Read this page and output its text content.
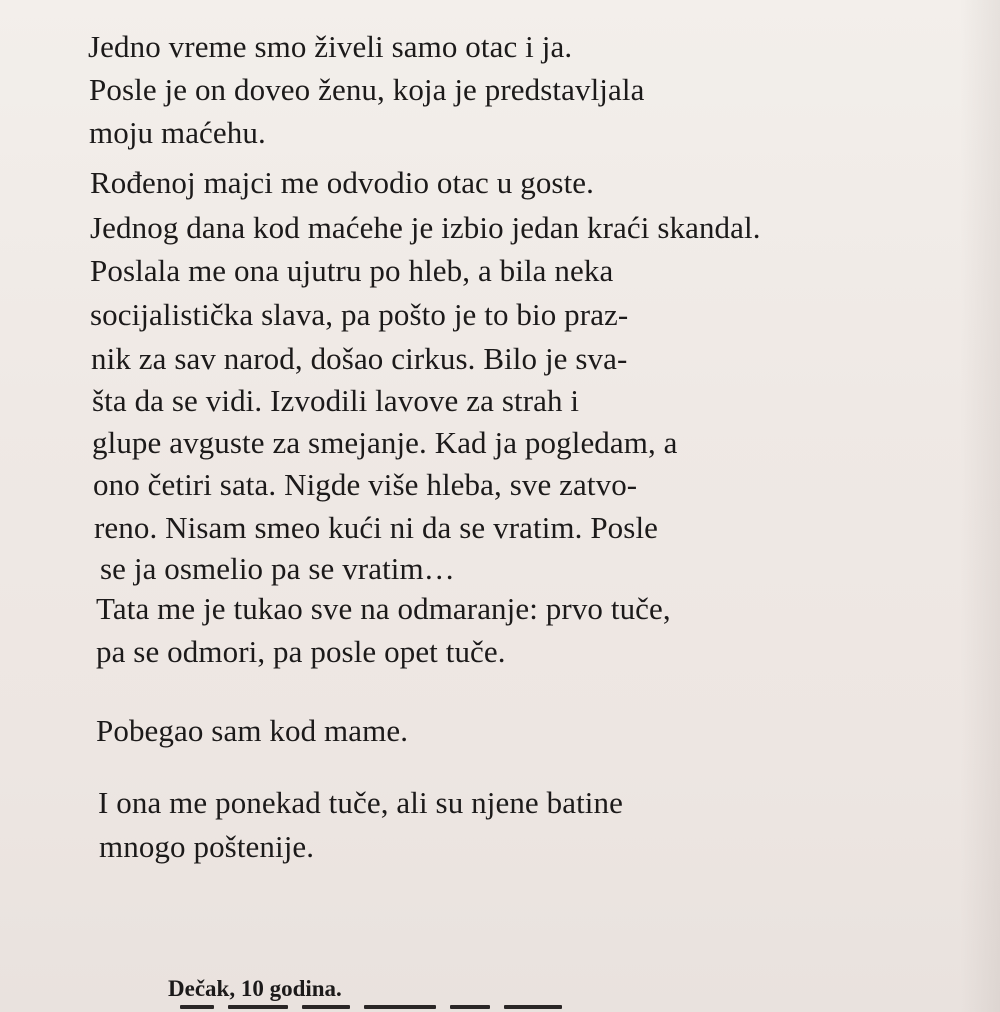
Jedno vreme smo živeli samo otac i ja.
Posle je on doveo ženu, koja je predstavljala
moju maćehu.
Rođenoj majci me odvodio otac u goste.
Jednog dana kod maćehe je izbio jedan kraći skandal.
Poslala me ona ujutru po hleb, a bila neka
socijalistička slava, pa pošto je to bio praz-
nik za sav narod, došao cirkus. Bilo je sva-
šta da se vidi. Izvodili lavove za strah i
glupe avguste za smejanje. Kad ja pogledam, a
ono četiri sata. Nigde više hleba, sve zatvo-
reno. Nisam smeo kući ni da se vratim. Posle
se ja osmelio pa se vratim…
Tata me je tukao sve na odmaranje: prvo tuče,
pa se odmori, pa posle opet tuče.
Pobegao sam kod mame.
I ona me ponekad tuče, ali su njene batine
mnogo poštenije.
Dečak, 10 godina.
